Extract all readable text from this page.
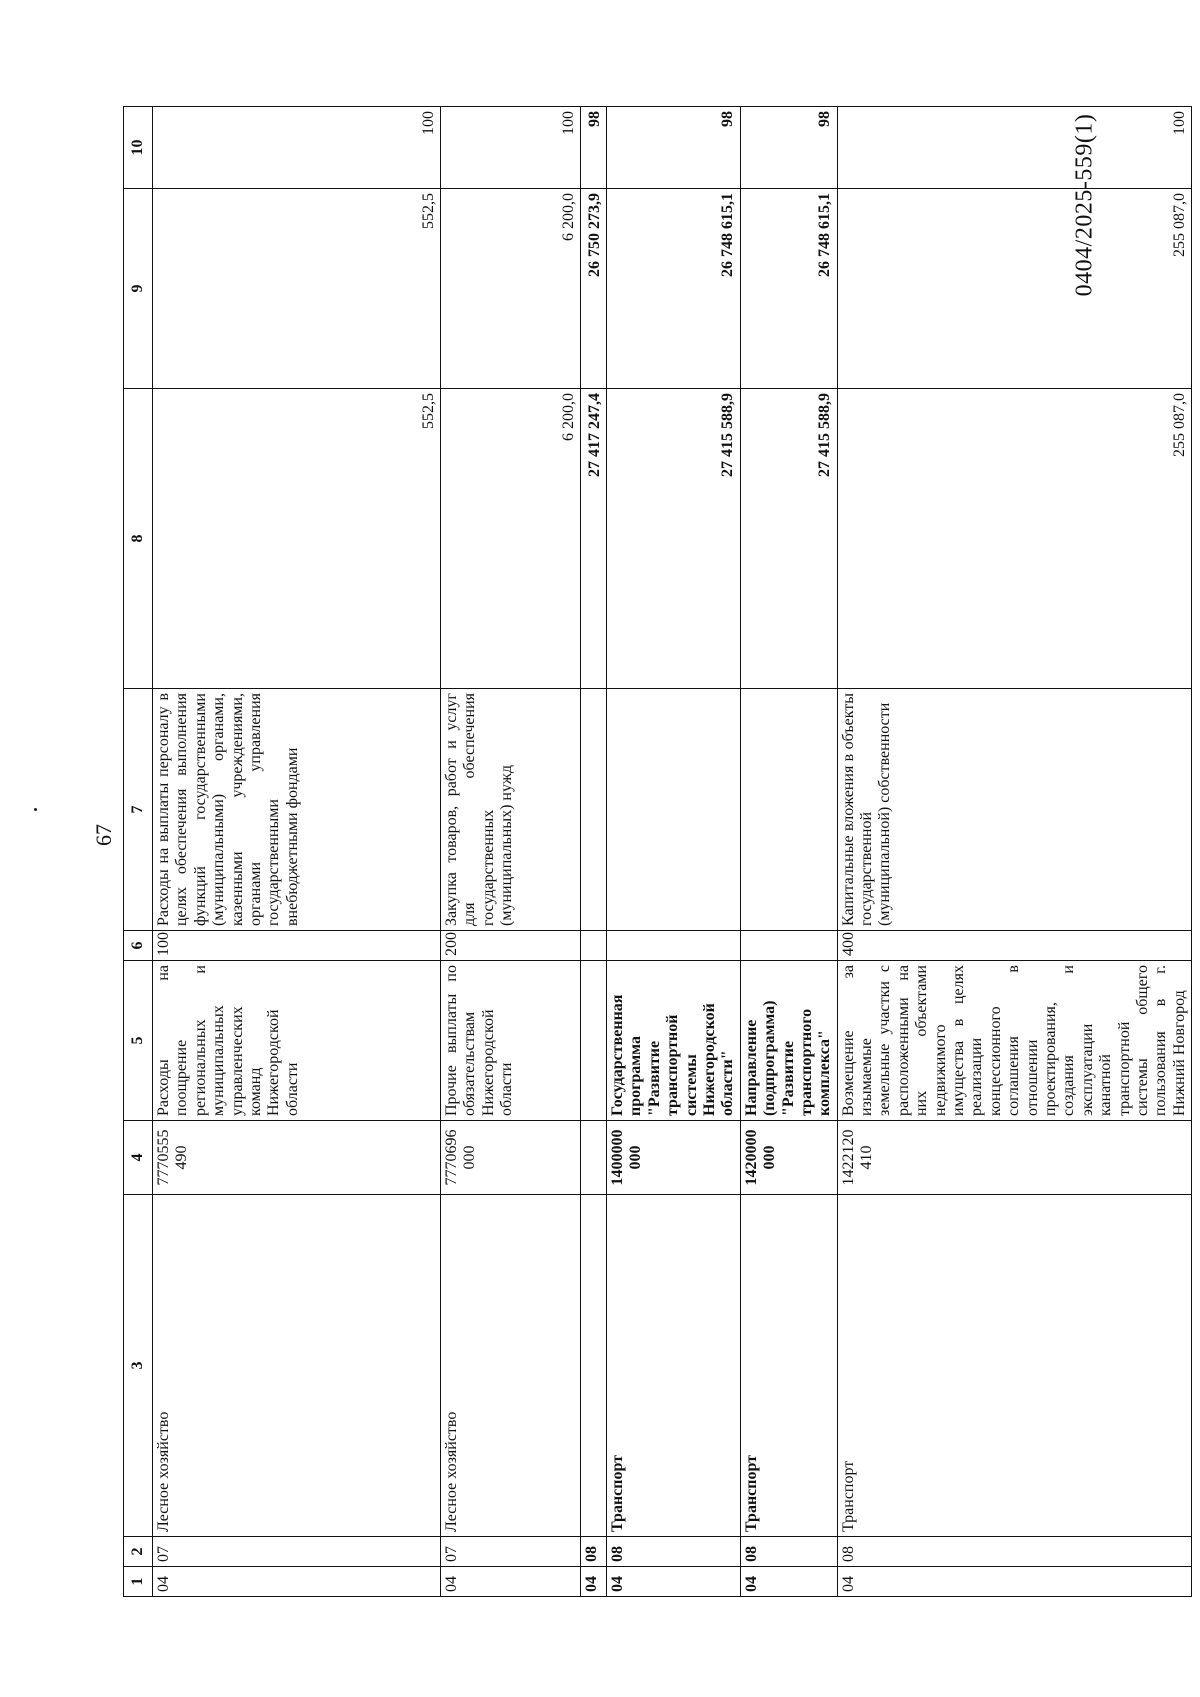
67
0404/2025-559(1)
1	2	3	4	5	6	7	8	9	10
04	07	Лесное хозяйство	7770555 490	Расходы на поощрение региональных и муниципальных управленческих команд Нижегородской области	100	Расходы на выплаты персоналу в целях обеспечения выполнения функций государственными (муниципальными) органами, казенными учреждениями, органами управления государственными внебюджетными фондами	552,5	552,5	100
04	07	Лесное хозяйство	7770696 000	Прочие выплаты по обязательствам Нижегородской области	200	Закупка товаров, работ и услуг для обеспечения государственных (муниципальных) нужд	6 200,0	6 200,0	100
04	08						27 417 247,4	26 750 273,9	98
04	08	Транспорт	1400000 000	Государственная программа "Развитие транспортной системы Нижегородской области"			27 415 588,9	26 748 615,1	98
04	08	Транспорт	1420000 000	Направление (подпрограмма) "Развитие транспортного комплекса"			27 415 588,9	26 748 615,1	98
04	08	Транспорт	1422120 410	Возмещение за изымаемые земельные участки с расположенными на них объектами недвижимого имущества в целях реализации концессионного соглашения в отношении проектирования, создания и эксплуатации канатной транспортной системы общего пользования в г. Нижний Новгород	400	Капитальные вложения в объекты государственной (муниципальной) собственности	255 087,0	255 087,0	100
